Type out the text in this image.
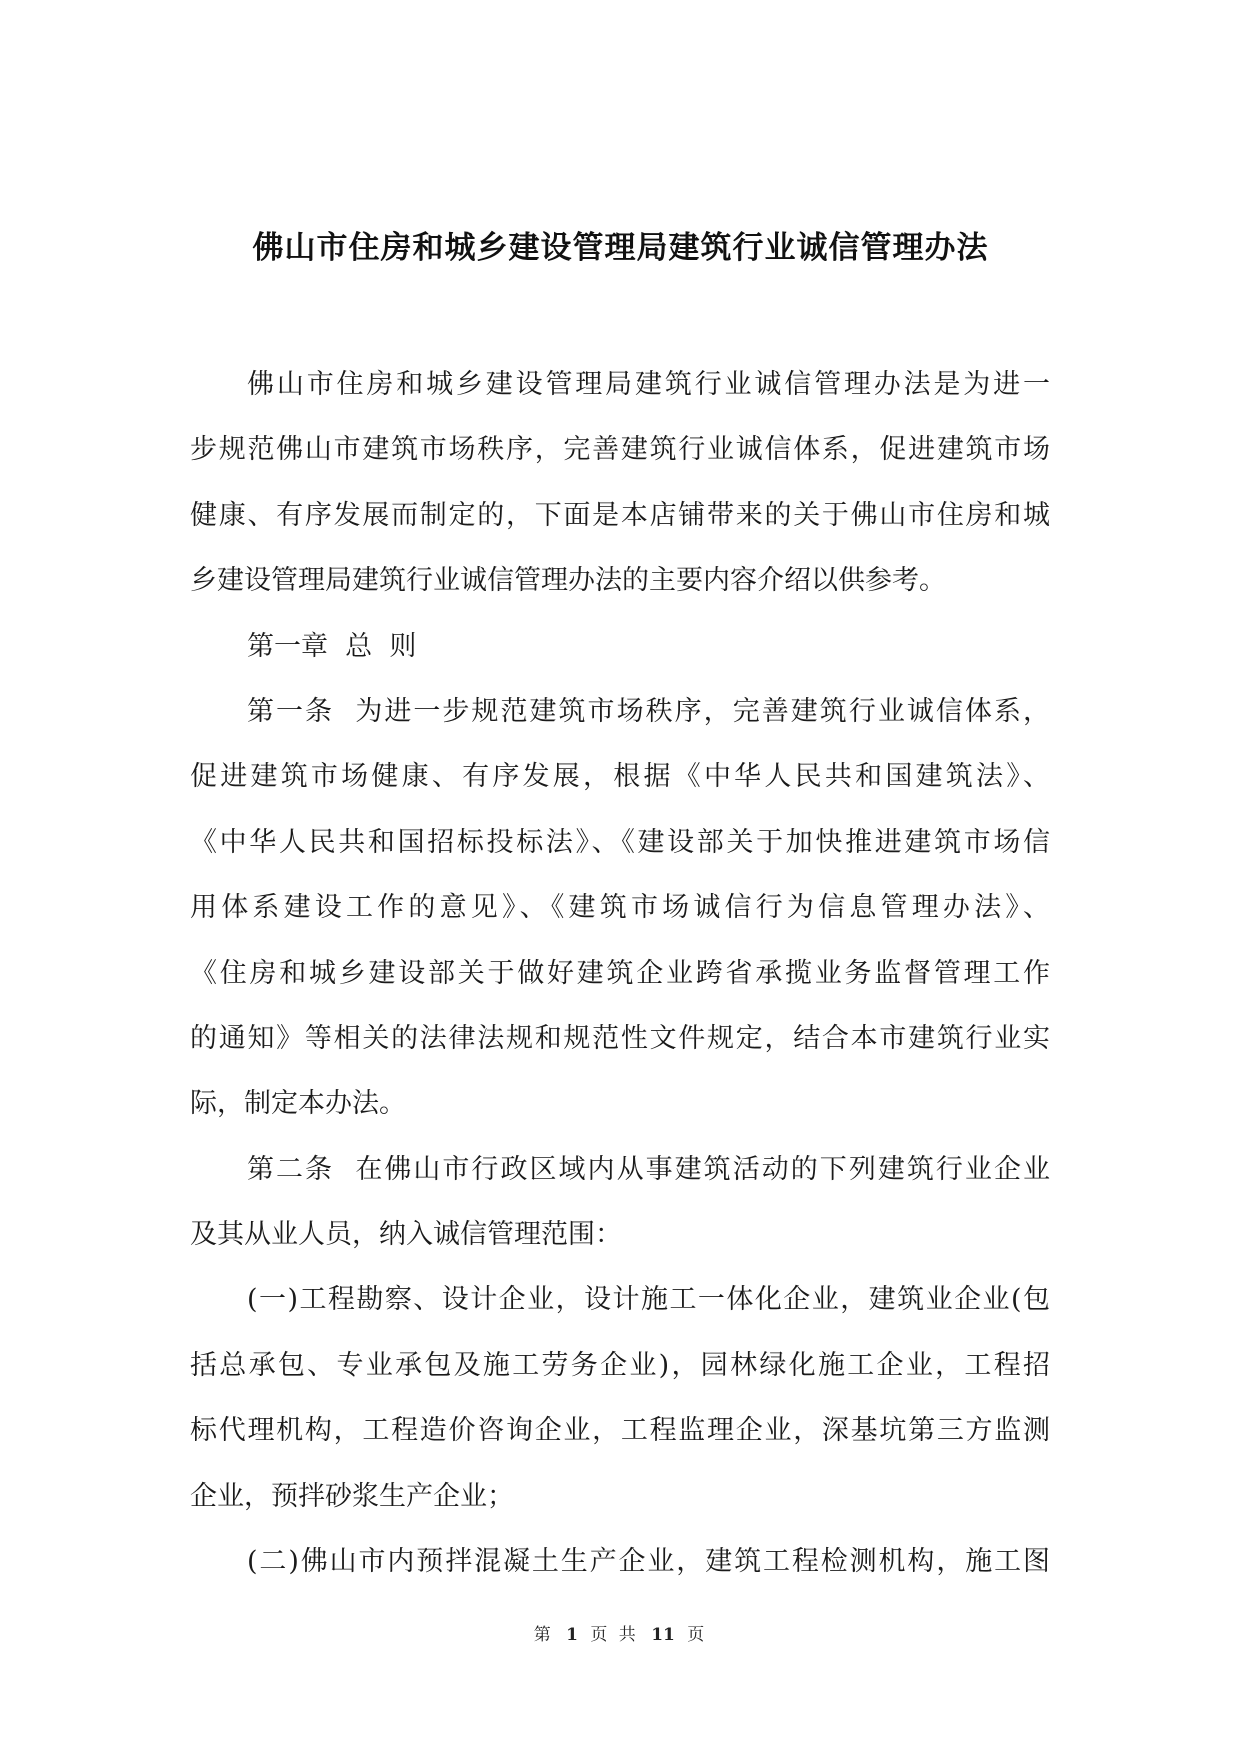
佛山市住房和城乡建设管理局建筑行业诚信管理办法
佛山市住房和城乡建设管理局建筑行业诚信管理办法是为进一
步规范佛山市建筑市场秩序，完善建筑行业诚信体系，促进建筑市场
健康、有序发展而制定的，下面是本店铺带来的关于佛山市住房和城
乡建设管理局建筑行业诚信管理办法的主要内容介绍以供参考。
第一章  总  则
第一条  为进一步规范建筑市场秩序，完善建筑行业诚信体系，
促进建筑市场健康、有序发展，根据《中华人民共和国建筑法》、
《中华人民共和国招标投标法》、《建设部关于加快推进建筑市场信
用体系建设工作的意见》、《建筑市场诚信行为信息管理办法》、
《住房和城乡建设部关于做好建筑企业跨省承揽业务监督管理工作
的通知》等相关的法律法规和规范性文件规定，结合本市建筑行业实
际，制定本办法。
第二条  在佛山市行政区域内从事建筑活动的下列建筑行业企业
及其从业人员，纳入诚信管理范围：
(一)工程勘察、设计企业，设计施工一体化企业，建筑业企业(包
括总承包、专业承包及施工劳务企业)，园林绿化施工企业，工程招
标代理机构，工程造价咨询企业，工程监理企业，深基坑第三方监测
企业，预拌砂浆生产企业；
(二)佛山市内预拌混凝土生产企业，建筑工程检测机构，施工图
第 1 页 共 11 页
